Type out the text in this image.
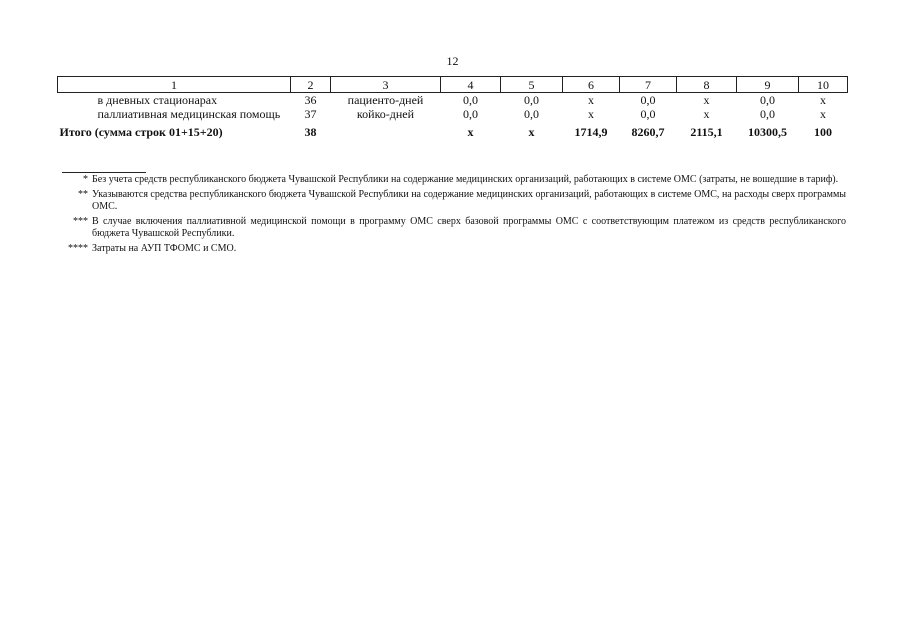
12
1	2	3	4	5	6	7	8	9	10
в дневных стационарах	36	пациенто-дней	0,0	0,0	х	0,0	х	0,0	х
паллиативная медицинская помощь	37	койко-дней	0,0	0,0	х	0,0	х	0,0	х
Итого (сумма строк 01+15+20)	38		х	х	1714,9	8260,7	2115,1	10300,5	100
* Без учета средств республиканского бюджета Чувашской Республики на содержание медицинских организаций, работающих в системе ОМС (затраты, не вошедшие в тариф).
** Указываются средства республиканского бюджета Чувашской Республики на содержание медицинских организаций, работающих в системе ОМС, на расходы сверх программы ОМС.
*** В случае включения паллиативной медицинской помощи в программу ОМС сверх базовой программы ОМС с соответствующим платежом из средств республиканского бюджета Чувашской Республики.
**** Затраты на АУП ТФОМС и СМО.
